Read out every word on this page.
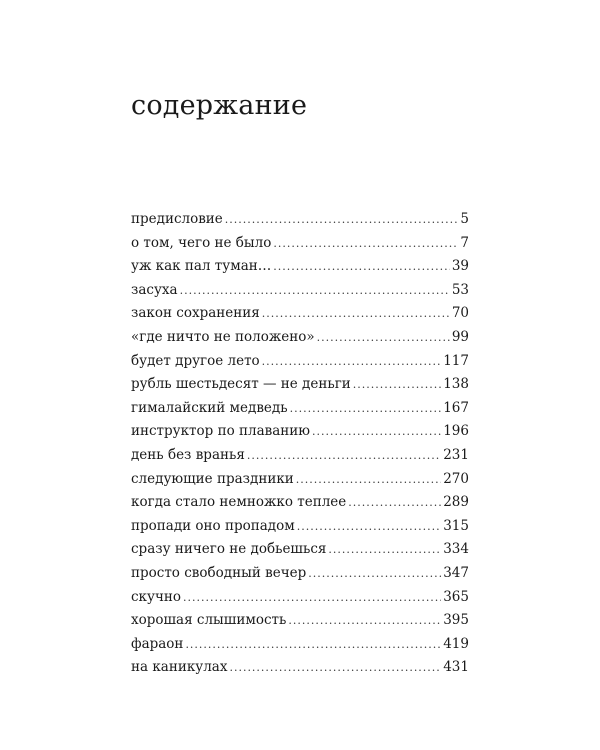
содержание
предисловие .....	5
о том, чего не было .....	7
уж как пал туман… .....	39
засуха .....	53
закон сохранения .....	70
«где ничто не положено» .....	99
будет другое лето .....	117
рубль шестьдесят — не деньги .....	138
гималайский медведь .....	167
инструктор по плаванию .....	196
день без вранья .....	231
следующие праздники .....	270
когда стало немножко теплее .....	289
пропади оно пропадом .....	315
сразу ничего не добьешься .....	334
просто свободный вечер .....	347
скучно .....	365
хорошая слышимость .....	395
фараон .....	419
на каникулах .....	431
